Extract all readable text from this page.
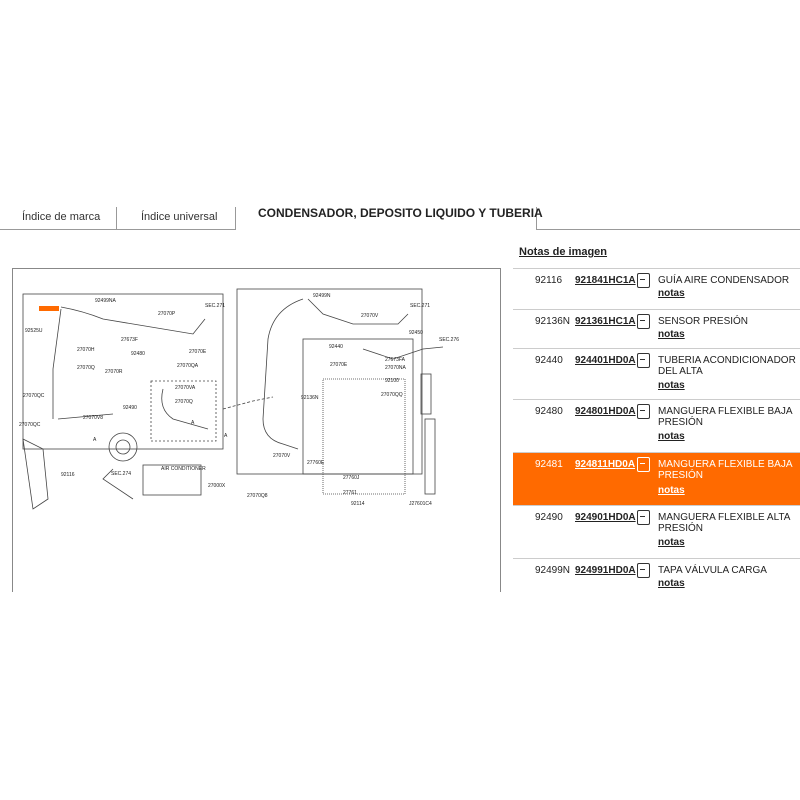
Índice de marca	Índice universal	CONDENSADOR, DEPOSITO LIQUIDO Y TUBERIA
Notas de imagen
92499NA
SEC.271
92525U
27070P
27673F
27070H
27070R
27070Q
92480	27070E
27070QA
92490
27070V8
27070VA
27070Q
27070QC
27070QC
SEC.274
92116
27000X
27070Q8
27070V
92499N
27070V
92440
27070E
SEC.271
92450
SEC.276
27673FA
27070NA
92100
27070QQ
92136N
27760E
27760J
27761
92114	J27601C4
A
A
A
AIR CONDITIONER
92116 921841HC1A GUÍA AIRE CONDENSADOR
notas
92136N 921361HC1A SENSOR PRESIÓN
notas
92440 924401HD0A TUBERIA ACONDICIONADOR DEL ALTA
notas
92480 924801HD0A MANGUERA FLEXIBLE BAJA PRESIÓN
notas
92481 924811HD0A MANGUERA FLEXIBLE BAJA PRESIÓN
notas
92490 924901HD0A MANGUERA FLEXIBLE ALTA PRESIÓN
notas
92499N 924991HD0A TAPA VÁLVULA CARGA
notas
